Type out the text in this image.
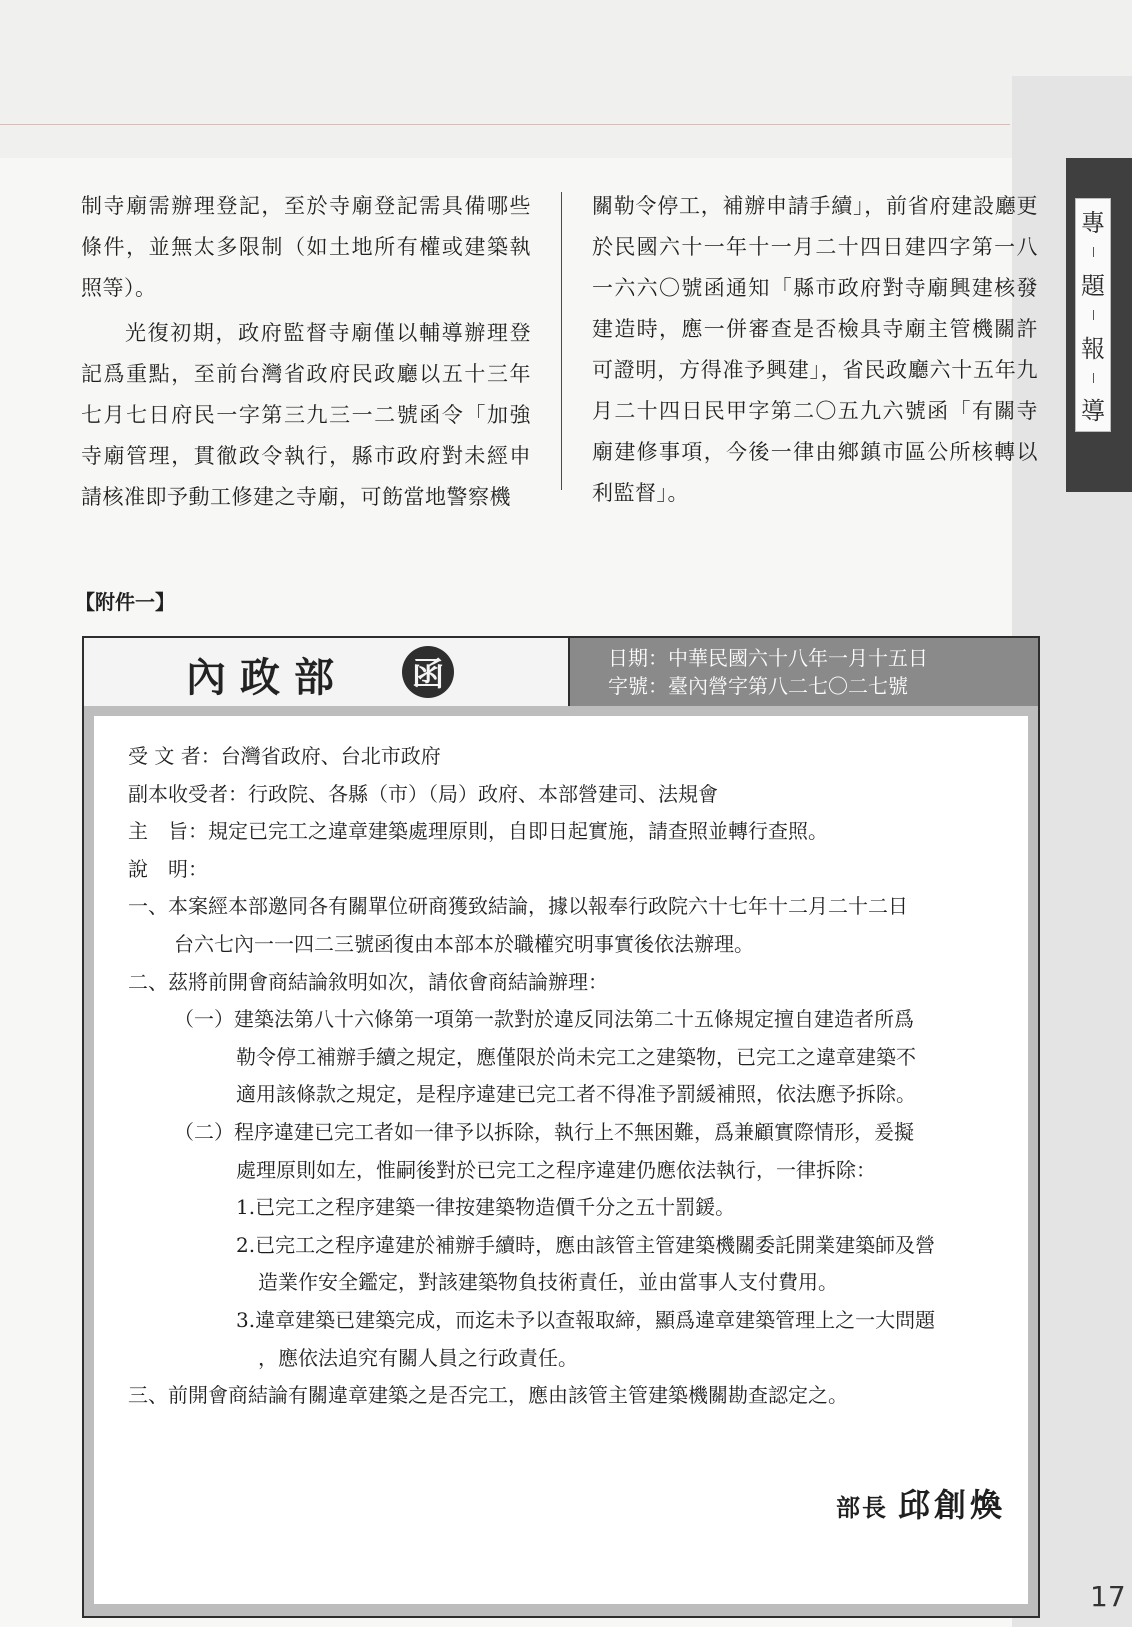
專
題
報
導

制寺廟需辦理登記，至於寺廟登記需具備哪些條件，並無太多限制（如土地所有權或建築執照等）。

光復初期，政府監督寺廟僅以輔導辦理登記爲重點，至前台灣省政府民政廳以五十三年七月七日府民一字第三九三一二號函令「加強寺廟管理，貫徹政令執行，縣市政府對未經申請核准即予動工修建之寺廟，可飭當地警察機

關勒令停工，補辦申請手續」，前省府建設廳更於民國六十一年十一月二十四日建四字第一八一六六〇號函通知「縣市政府對寺廟興建核發建造時，應一併審查是否檢具寺廟主管機關許可證明，方得准予興建」，省民政廳六十五年九月二十四日民甲字第二〇五九六號函「有關寺廟建修事項，今後一律由鄉鎮市區公所核轉以利監督」。

【附件一】
內政部	函	日期：中華民國六十八年一月十五日
字號：臺內營字第八二七〇二七號
受 文 者：台灣省政府、台北市政府
副本收受者：行政院、各縣（市）（局）政府、本部營建司、法規會
主　旨：規定已完工之違章建築處理原則，自即日起實施，請查照並轉行查照。
說　明：
一、本案經本部邀同各有關單位研商獲致結論，據以報奉行政院六十七年十二月二十二日
台六七內一一四二三號函復由本部本於職權究明事實後依法辦理。
二、茲將前開會商結論敘明如次，請依會商結論辦理：
（一）建築法第八十六條第一項第一款對於違反同法第二十五條規定擅自建造者所爲
勒令停工補辦手續之規定，應僅限於尚未完工之建築物，已完工之違章建築不
適用該條款之規定，是程序違建已完工者不得准予罰緩補照，依法應予拆除。
（二）程序違建已完工者如一律予以拆除，執行上不無困難，爲兼顧實際情形，爰擬
處理原則如左，惟嗣後對於已完工之程序違建仍應依法執行，一律拆除：
1.已完工之程序建築一律按建築物造價千分之五十罰鍰。
2.已完工之程序違建於補辦手續時，應由該管主管建築機關委託開業建築師及營
造業作安全鑑定，對該建築物負技術責任，並由當事人支付費用。
3.違章建築已建築完成，而迄未予以查報取締，顯爲違章建築管理上之一大問題
，應依法追究有關人員之行政責任。
三、前開會商結論有關違章建築之是否完工，應由該管主管建築機關勘查認定之。
部長 邱創煥
17
